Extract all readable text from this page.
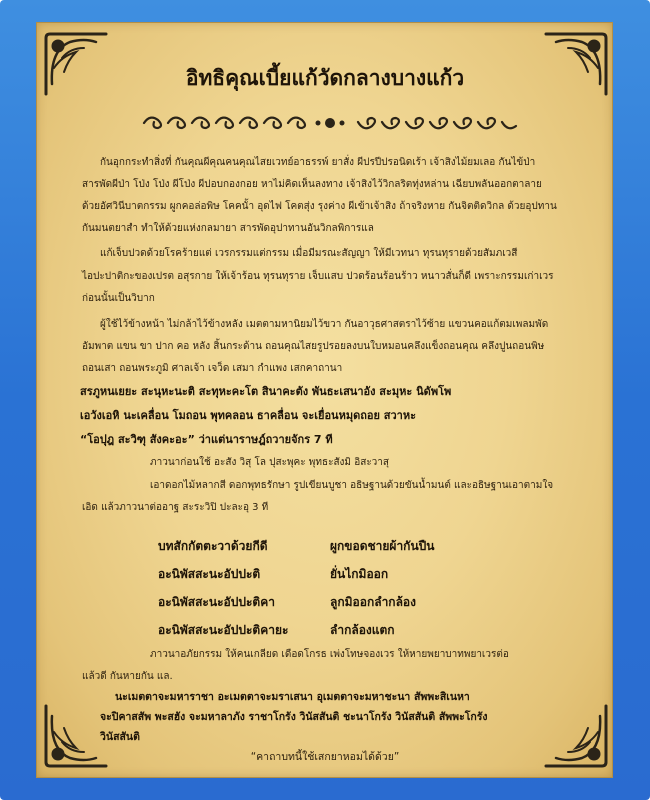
อิทธิคุณเบี้ยแก้วัดกลางบางแก้ว
กันอุกกระทำสิ่งที่ กันคุณผีคุณคนคุณไสยเวทย์อาธรรพ์ ยาสั่ง ผีปรปีปรอนิดเร้า เจ้าสิงไม้ยมเลอ กันไข้ป่า
สารพัดผีป่า โป่ง โป่ง ผีโป่ง ผีปอบกองกอย หาไม่คิดเห็นลงทาง เจ้าสิงไว้วิกลริตทุ่งหล่าน เฉียบพลันออกตาลาย
ด้วยอัศวินีบาตกรรม ผูกคอล่อพิษ โคคนั้า อุดไฟ โคตสุ่ง รุงค่าง ผีเข้าเจ้าสิง ถ้าจริงหาย กันจิตติดวิกล ด้วยอุปทาน
กันมนตยาสำ ทำให้ด้วยแห่งกลมายา สารพัดอุปาทานอันวิกลพิการแล
แก้เจ็บปวดด้วยโรคร้ายแต่ เวรกรรมแต่กรรม เมื่อมีมรณะสัญญา ให้มีเวทนา ทุรนทุรายด้วยสัมภเวสี
ไอปะปาติกะของเปรต อสุรกาย ให้เจ้าร้อน ทุรนทุราย เจ็บแสบ ปวดร้อนร้อนร้าว หนาวสั่นก็ดี เพราะกรรมเก่าเวร
ก่อนนั้นเป็นวิบาก
ผู้ใช้ไว้ข้างหน้า ไม่กล้าไว้ข้างหลัง เมตตามหานิยมไว้ขวา กันอาวุธศาสตราไว้ซ้าย แขวนคอแก้ตมเพลมพัด
อัมพาต แขน ขา ปาก คอ หลัง สิ้นกระด้าน ถอนคุณไสยรูปรอยลงบนใบหมอนคลึงแข็งถอนคุณ คลึงปูนถอนพิษ
ถอนเสา ถอนพระภูมิ ศาลเจ้า เจว็ด เสมา กำแพง เสกคาถานา
สรภูหนเยยะ สะนุหะนะติ สะทุหะคะโต สินาคะตัง พันธะเสนาอัง สะมุหะ นิดัพโพ
เอวังเอหิ นะเคลื่อน โมถอน พุทคลอน ธาคลื่อน จะเยื่อนหมุดถอย สวาหะ
“โอปุฎ สะวิฑุ สังคะอะ” ว่าแต่นาราษฎ์ถวายจักร 7 ที
ภาวนาก่อนใช้ อะสัง วิสุ โล ปุสะพุคะ พุทธะสังมิ อิสะวาสุ
เอาดอกไม้หลากสี ดอกพุทธรักษา รูปเขียนบูชา อธิษฐานด้วยขันน้ำมนต์ และอธิษฐานเอาตามใจ
เอิด แล้วภาวนาต่ออาฐ สะระวิปิ ปะละอุ 3 ที
บทสักกัตตะวาด้วยกีดี	ผูกขอดชายผ้ากันปืน
อะนิพัสสะนะอัปปะติ	ยั่นไกมิออก
อะนิพัสสะนะอัปปะติคา	ลูกมิออกลำกล้อง
อะนิพัสสะนะอัปปะติคายะ	ลำกล้องแตก
ภาวนาอภัยกรรม ให้คนเกลียด เดือดโกรธ เพ่งโทษจองเวร ให้หายพยาบาทพยาเวรต่อ
แล้วดี กันหายกัน แล.
นะเมตตาจะมหาราชา อะเมตตาจะมราเสนา อุเมตตาจะมหาชะนา สัพพะสิเนหา
จะปิคาสสัพ พะสฮัง จะมหาลาภัง ราชาโกรัง วินัสสันติ ชะนาโกรัง วินัสสันติ สัพพะโกรัง
วินัสสันติ
“คาถาบทนี้ใช้เสกยาหอมได้ด้วย”
